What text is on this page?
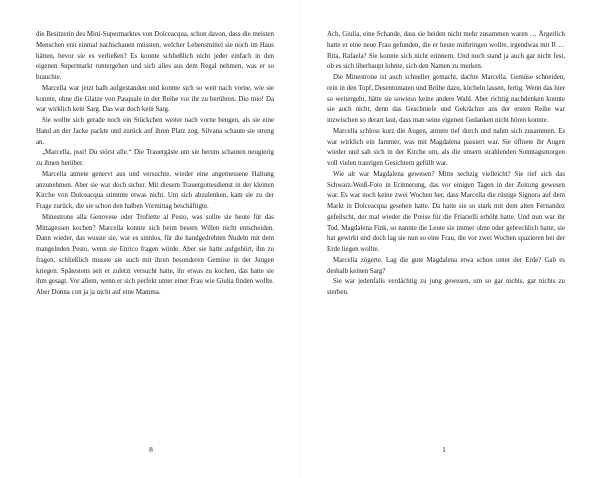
die Besitzerin des Mini-Supermarktes von Dolceacqua, schon davon, dass die meisten Menschen erst einmal nachschauen müssten, welcher Lebensmittel sie noch im Haus hätten, bevor sie es verließen? Es konnte schließlich nicht jeder einfach in den eigenen Supermarkt runtergehen und sich alles aus dem Regal nehmen, was er so brauchte.

Marcella war jetzt halb aufgestanden und konnte sich so weit nach vorne, wie sie konnte, ohne die Glatze von Pasquale in der Reihe vor ihr zu berühren. Dio mio! Da war wirklich kein Sarg. Das war doch kein Sarg.

Sie wollte sich gerade noch ein Stückchen weiter nach vorne beugen, als sie eine Hand an der Jacke packte und zurück auf ihren Platz zog. Silvana schaute sie streng an.

„Marcella, psst! Du störst alle.“ Die Trauergäste um sie herum schauten neugierig zu ihnen herüber.

Marcella atmete genervt aus und versuchte, wieder eine angemessene Haltung anzunehmen. Aber sie war doch sicher. Mit diesem Trauergottesdienst in der kleinen Kirche von Dolceacqua stimmte etwas nicht. Um sich abzulenken, kam sie zu der Frage zurück, die sie schon den halben Vormittag beschäftigte.

Minestrone alla Genovese oder Trofiette al Pesto, was sollte sie heute für das Mittagessen kochen? Marcella konnte sich beim besten Willen nicht entscheiden. Dann wieder, das wusste sie, war es sinnlos, für die handgedrehten Nudeln mit dem mangelnden Pesto, wenn sie Enrico fragen würde. Aber sie hatte aufgehört, ihn zu fragen, schließlich musste sie auch mit ihren besonderen Gemüse in der Jungen kriegen. Spätestens seit er zuletzt versucht hatte, ihr etwas zu kochen, das hatte sie ihm gesagt. Vor allem, wenn er sich perfekt unter einer Frau wie Giulia finden wollte. Aber Donna con ja ja nicht auf eine Mamma.

8

Ach, Giulia, eine Schande, dass sie beiden nicht mehr zusammen waren … Ärgerlich hatte er eine neue Frau gefunden, die er heute mitbringen wollte, irgendwas mit R … Rita, Rafaela? Sie konnte sich nicht erinnern. Und noch stand ja auch gar nicht fest, ob es sich überhaupt lohnte, sich den Namen zu merken.

Die Minestrone ist auch schneller gemacht, dachte Marcella. Gemüse schneiden, rein in den Topf, Desentomaten und Brühe dazu, köcheln lassen, fertig. Wenn das hier so weitergeht, hätte sie sowieso keine andere Wahl. Aber richtig nachdenken konnte sie auch nicht, denn das Geschniefe und Gekrächze aus der ersten Reihe war inzwischen so derart laut, dass man seine eigenen Gedanken nicht hören konnte.

Marcella schloss kurz die Augen, atmete tief durch und nahm sich zusammen. Es war wirklich ein Jammer, was mit Magdalena passiert war. Sie öffnete ihr Augen wieder und sah sich in der Kirche um, als die unsern strahlenden Sonntagsmorgen voll vielen traurigen Gesichtern gefüllt war.

Wie alt war Magdalena gewesen? Mitte sechzig vielleicht? Sie rief sich das Schwarz-Weiß-Foto in Erinnerung, das vor einigen Tagen in der Zeitung gewesen war. Es war noch keine zwei Wochen her, dass Marcella die rüstige Signora auf dem Markt in Dolceacqua gesehen hatte. Da hatte sie so stark mit dem alten Fernandez gefeilscht, der mal wieder die Preise für die Friarielli erhöht hatte. Und nun war ihr Tod. Magdalena Fink, so nannte die Leute sie immer ohne oder gebrechlich hatte, sie hat gewirkt und doch lag sie nun so eine Frau, die vor zwei Wochen spazieren bei der Erde liegen wollte.

Marcella zögerte. Lag die gute Magdalena etwa schon unter der Erde? Gab es deshalb keinen Sarg?

Sie war jedenfalls verdächtig zu jung gewesen, um so gar nichts, gar nichts zu sterben.

1
